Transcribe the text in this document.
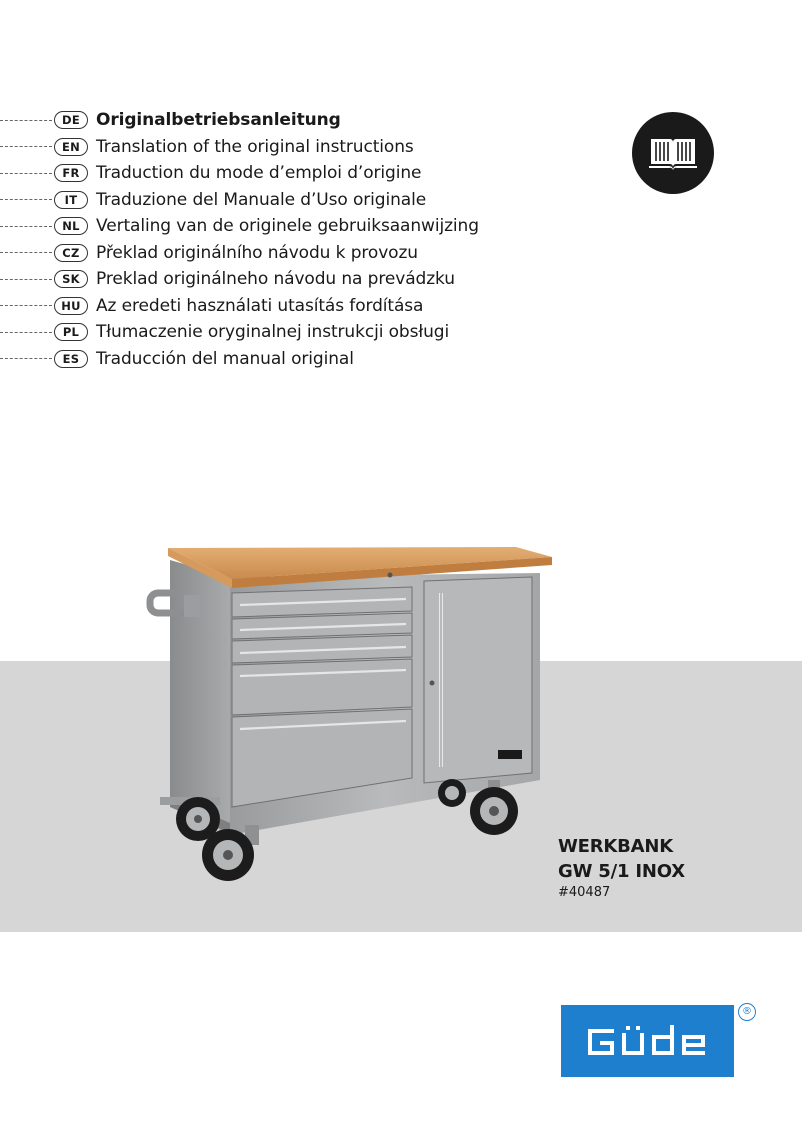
DE Originalbetriebsanleitung
EN Translation of the original instructions
FR Traduction du mode d’emploi d’origine
IT	Traduzione del Manuale d’Uso originale
NL Vertaling van de originele gebruiksaanwijzing
CZ Překlad originálního návodu k provozu
SK Preklad originálneho návodu na prevádzku
HU Az eredeti használati utasítás fordítása
PL Tłumaczenie oryginalnej instrukcji obsługi
ES Traducción del manual original
WERKBANK
GW 5/1 INOX
#40487
®
